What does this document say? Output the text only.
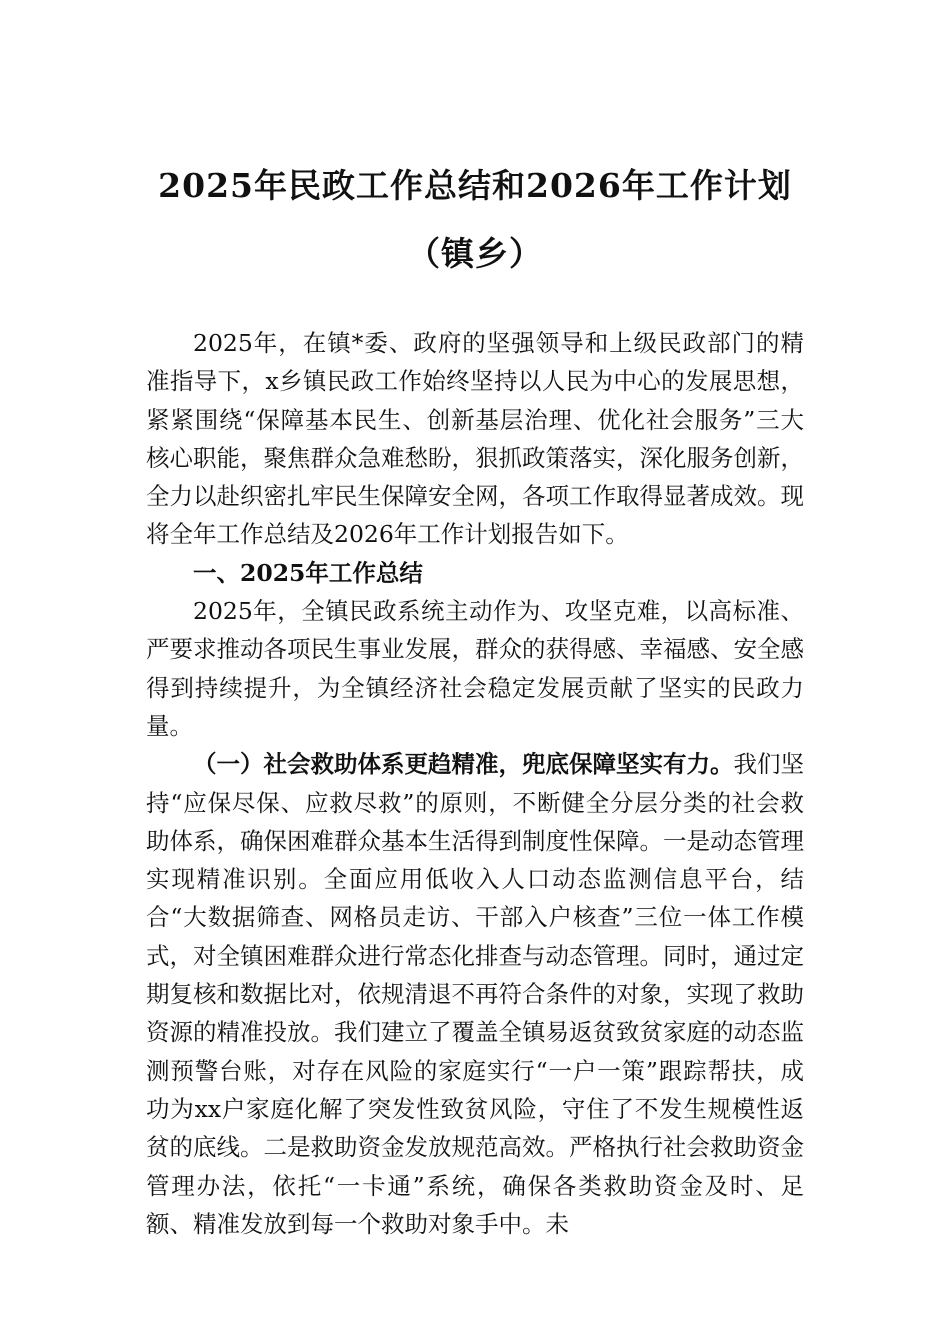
2025年民政工作总结和2026年工作计划
（镇乡）

2025年，在镇*委、政府的坚强领导和上级民政部门的精准指导下，x乡镇民政工作始终坚持以人民为中心的发展思想，紧紧围绕“保障基本民生、创新基层治理、优化社会服务”三大核心职能，聚焦群众急难愁盼，狠抓政策落实，深化服务创新，全力以赴织密扎牢民生保障安全网，各项工作取得显著成效。现将全年工作总结及2026年工作计划报告如下。

一、2025年工作总结

2025年，全镇民政系统主动作为、攻坚克难，以高标准、严要求推动各项民生事业发展，群众的获得感、幸福感、安全感得到持续提升，为全镇经济社会稳定发展贡献了坚实的民政力量。

（一）社会救助体系更趋精准，兜底保障坚实有力。我们坚持“应保尽保、应救尽救”的原则，不断健全分层分类的社会救助体系，确保困难群众基本生活得到制度性保障。一是动态管理实现精准识别。全面应用低收入人口动态监测信息平台，结合“大数据筛查、网格员走访、干部入户核查”三位一体工作模式，对全镇困难群众进行常态化排查与动态管理。同时，通过定期复核和数据比对，依规清退不再符合条件的对象，实现了救助资源的精准投放。我们建立了覆盖全镇易返贫致贫家庭的动态监测预警台账，对存在风险的家庭实行“一户一策”跟踪帮扶，成功为xx户家庭化解了突发性致贫风险，守住了不发生规模性返贫的底线。二是救助资金发放规范高效。严格执行社会救助资金管理办法，依托“一卡通”系统，确保各类救助资金及时、足额、精准发放到每一个救助对象手中。未
